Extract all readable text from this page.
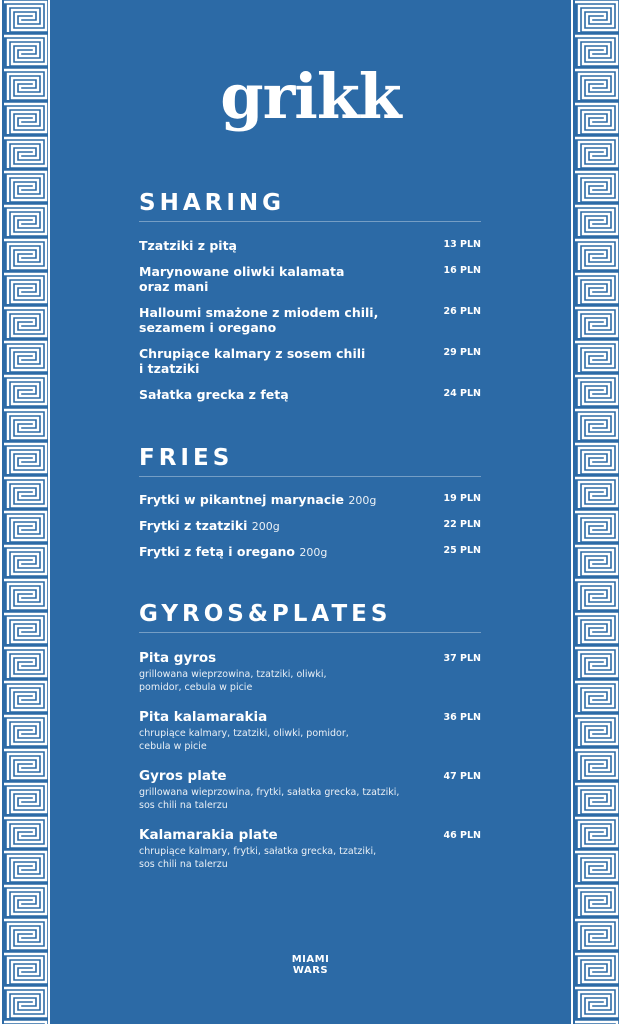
grikk
SHARING
Tzatziki z pitą	13 PLN
Marynowane oliwki kalamata
oraz mani
16 PLN
Halloumi smażone z miodem chili,
sezamem i oregano
26 PLN
Chrupiące kalmary z sosem chili
i tzatziki
29 PLN
Sałatka grecka z fetą	24 PLN
FRIES
Frytki w pikantnej marynacie 200g	19 PLN
Frytki z tzatziki 200g	22 PLN
Frytki z fetą i oregano 200g	25 PLN
GYROS&PLATES
Pita gyros	37 PLN
grillowana wieprzowina, tzatziki, oliwki,
pomidor, cebula w picie
Pita kalamarakia	36 PLN
chrupiące kalmary, tzatziki, oliwki, pomidor,
cebula w picie
Gyros plate	47 PLN
grillowana wieprzowina, frytki, sałatka grecka, tzatziki,
sos chili na talerzu
Kalamarakia plate	46 PLN
chrupiące kalmary, frytki, sałatka grecka, tzatziki,
sos chili na talerzu
MIAMI
WARS
